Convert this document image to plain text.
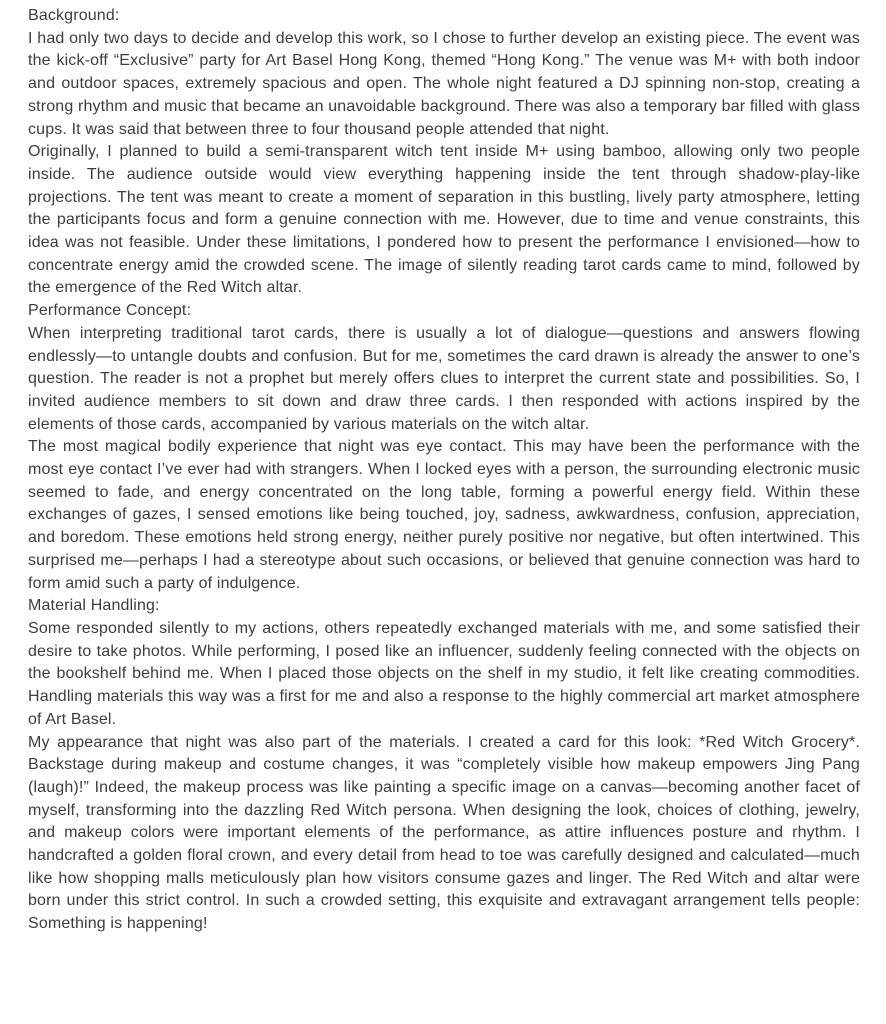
Background:

I had only two days to decide and develop this work, so I chose to further develop an existing piece. The event was the kick-off “Exclusive” party for Art Basel Hong Kong, themed “Hong Kong.” The venue was M+ with both indoor and outdoor spaces, extremely spacious and open. The whole night featured a DJ spinning non-stop, creating a strong rhythm and music that became an unavoidable background. There was also a temporary bar filled with glass cups. It was said that between three to four thousand people attended that night.

Originally, I planned to build a semi-transparent witch tent inside M+ using bamboo, allowing only two people inside. The audience outside would view everything happening inside the tent through shadow-play-like projections. The tent was meant to create a moment of separation in this bustling, lively party atmosphere, letting the participants focus and form a genuine connection with me. However, due to time and venue constraints, this idea was not feasible. Under these limitations, I pondered how to present the performance I envisioned—how to concentrate energy amid the crowded scene. The image of silently reading tarot cards came to mind, followed by the emergence of the Red Witch altar.

Performance Concept:

When interpreting traditional tarot cards, there is usually a lot of dialogue—questions and answers flowing endlessly—to untangle doubts and confusion. But for me, sometimes the card drawn is already the answer to one’s question. The reader is not a prophet but merely offers clues to interpret the current state and possibilities. So, I invited audience members to sit down and draw three cards. I then responded with actions inspired by the elements of those cards, accompanied by various materials on the witch altar.

The most magical bodily experience that night was eye contact. This may have been the performance with the most eye contact I’ve ever had with strangers. When I locked eyes with a person, the surrounding electronic music seemed to fade, and energy concentrated on the long table, forming a powerful energy field. Within these exchanges of gazes, I sensed emotions like being touched, joy, sadness, awkwardness, confusion, appreciation, and boredom. These emotions held strong energy, neither purely positive nor negative, but often intertwined. This surprised me—perhaps I had a stereotype about such occasions, or believed that genuine connection was hard to form amid such a party of indulgence.

Material Handling:

Some responded silently to my actions, others repeatedly exchanged materials with me, and some satisfied their desire to take photos. While performing, I posed like an influencer, suddenly feeling connected with the objects on the bookshelf behind me. When I placed those objects on the shelf in my studio, it felt like creating commodities. Handling materials this way was a first for me and also a response to the highly commercial art market atmosphere of Art Basel.

My appearance that night was also part of the materials. I created a card for this look: *Red Witch Grocery*. Backstage during makeup and costume changes, it was “completely visible how makeup empowers Jing Pang (laugh)!” Indeed, the makeup process was like painting a specific image on a canvas—becoming another facet of myself, transforming into the dazzling Red Witch persona. When designing the look, choices of clothing, jewelry, and makeup colors were important elements of the performance, as attire influences posture and rhythm. I handcrafted a golden floral crown, and every detail from head to toe was carefully designed and calculated—much like how shopping malls meticulously plan how visitors consume gazes and linger. The Red Witch and altar were born under this strict control. In such a crowded setting, this exquisite and extravagant arrangement tells people: Something is happening!
